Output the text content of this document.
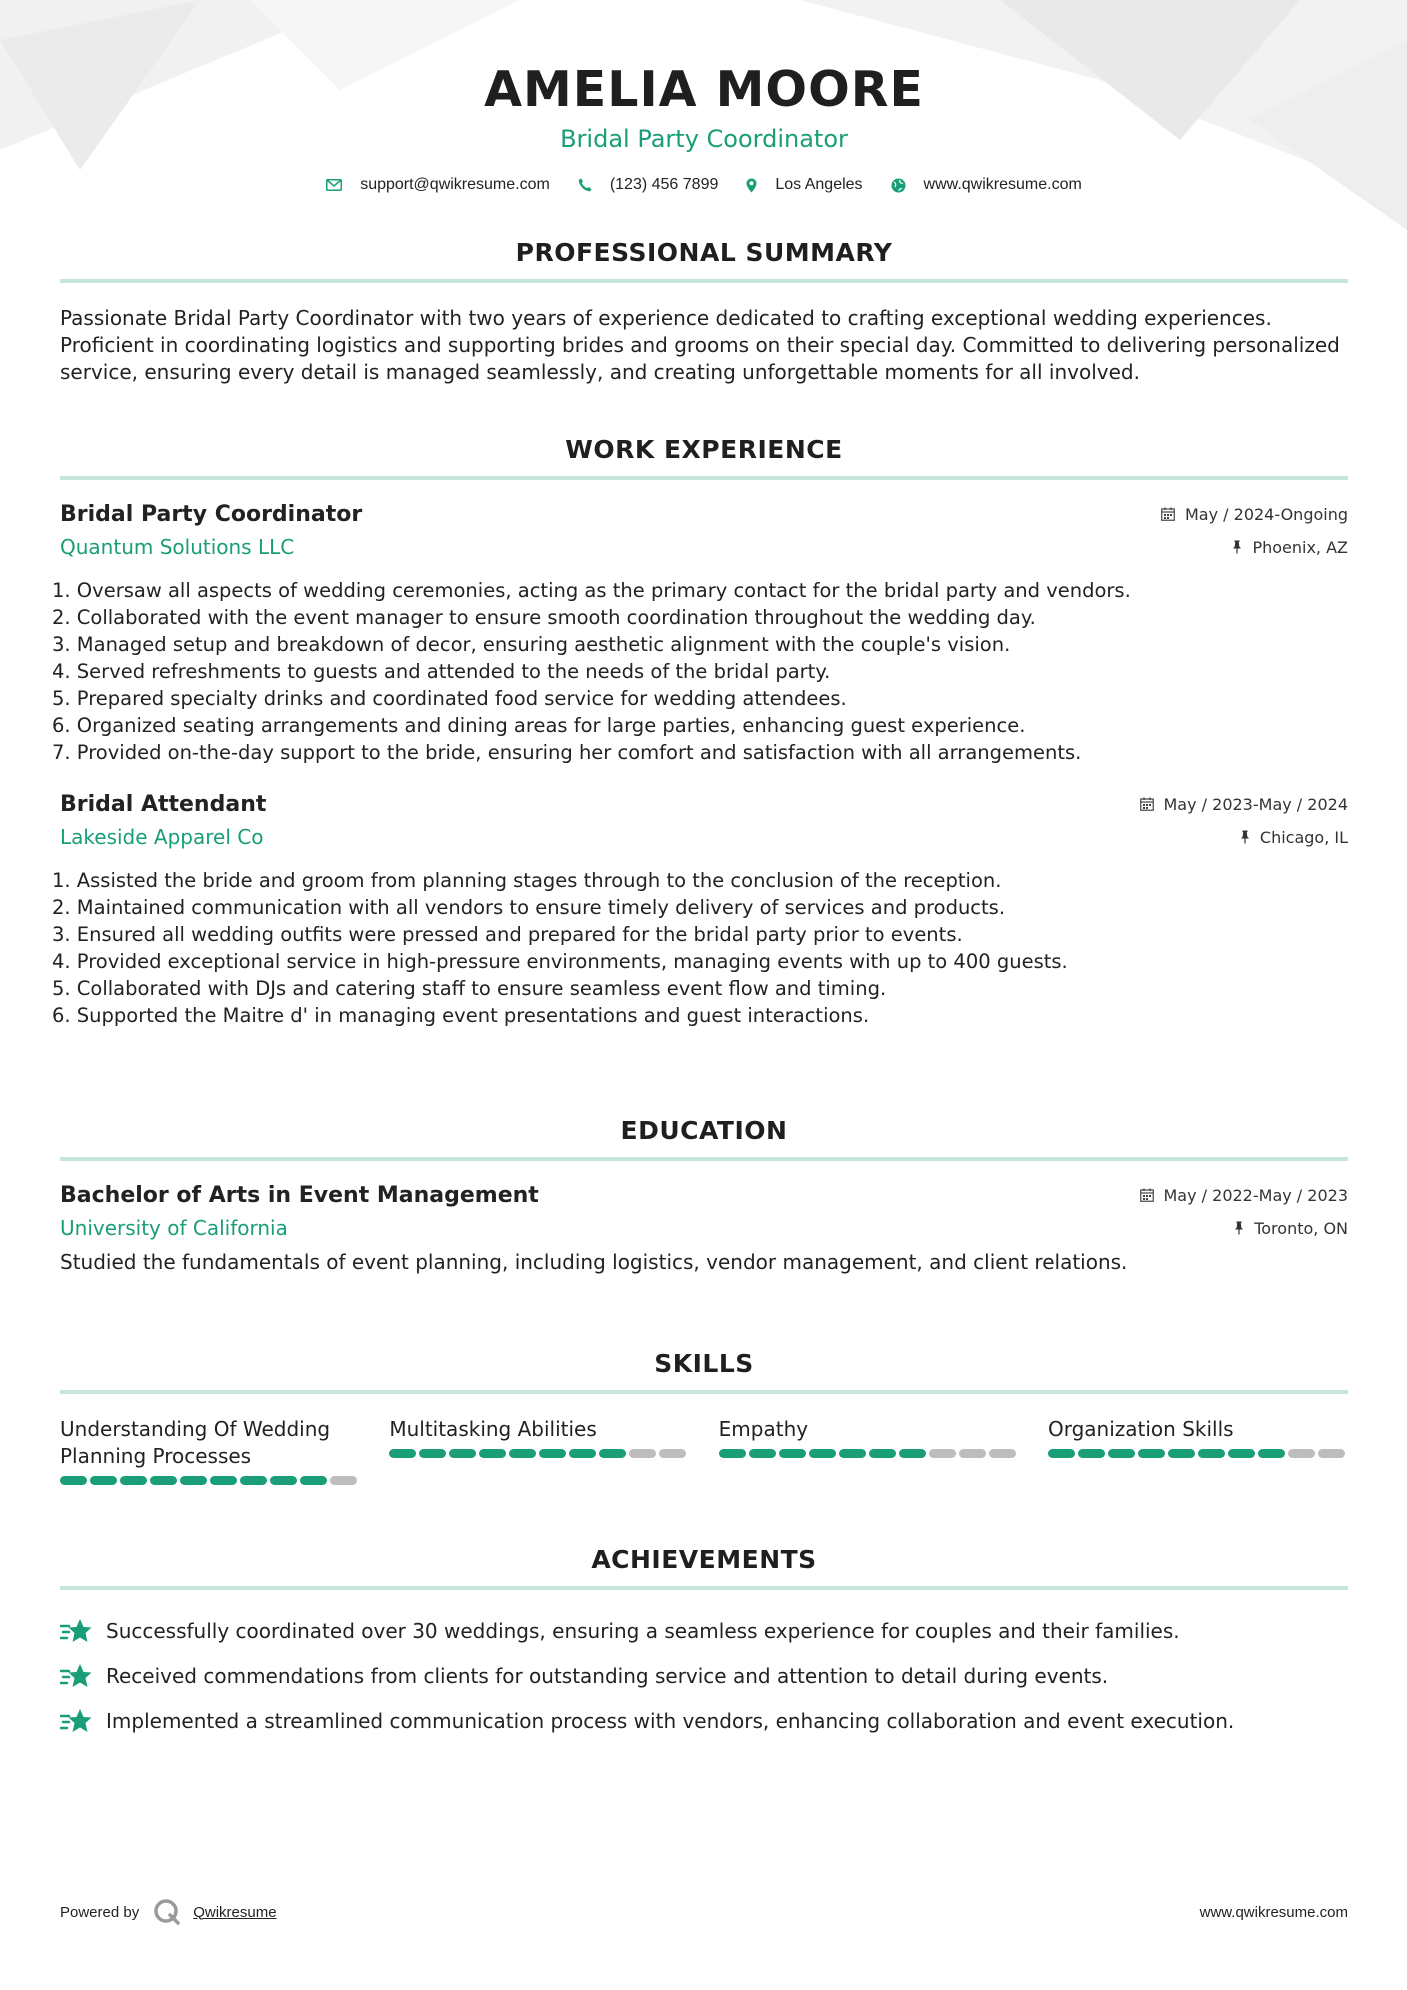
AMELIA MOORE
Bridal Party Coordinator
support@qwikresume.com	(123) 456 7899	Los Angeles	www.qwikresume.com
PROFESSIONAL SUMMARY
Passionate Bridal Party Coordinator with two years of experience dedicated to crafting exceptional wedding experiences. Proficient in coordinating logistics and supporting brides and grooms on their special day. Committed to delivering personalized service, ensuring every detail is managed seamlessly, and creating unforgettable moments for all involved.
WORK EXPERIENCE
Bridal Party Coordinator	May / 2024-Ongoing
Quantum Solutions LLC	Phoenix, AZ
1. Oversaw all aspects of wedding ceremonies, acting as the primary contact for the bridal party and vendors.
2. Collaborated with the event manager to ensure smooth coordination throughout the wedding day.
3. Managed setup and breakdown of decor, ensuring aesthetic alignment with the couple's vision.
4. Served refreshments to guests and attended to the needs of the bridal party.
5. Prepared specialty drinks and coordinated food service for wedding attendees.
6. Organized seating arrangements and dining areas for large parties, enhancing guest experience.
7. Provided on-the-day support to the bride, ensuring her comfort and satisfaction with all arrangements.
Bridal Attendant	May / 2023-May / 2024
Lakeside Apparel Co	Chicago, IL
1. Assisted the bride and groom from planning stages through to the conclusion of the reception.
2. Maintained communication with all vendors to ensure timely delivery of services and products.
3. Ensured all wedding outfits were pressed and prepared for the bridal party prior to events.
4. Provided exceptional service in high-pressure environments, managing events with up to 400 guests.
5. Collaborated with DJs and catering staff to ensure seamless event flow and timing.
6. Supported the Maitre d' in managing event presentations and guest interactions.
EDUCATION
Bachelor of Arts in Event Management	May / 2022-May / 2023
University of California	Toronto, ON
Studied the fundamentals of event planning, including logistics, vendor management, and client relations.
SKILLS
Understanding Of Wedding Planning Processes
Multitasking Abilities	Empathy	Organization Skills
ACHIEVEMENTS
Successfully coordinated over 30 weddings, ensuring a seamless experience for couples and their families.
Received commendations from clients for outstanding service and attention to detail during events.
Implemented a streamlined communication process with vendors, enhancing collaboration and event execution.
Powered by	Qwikresume	www.qwikresume.com
